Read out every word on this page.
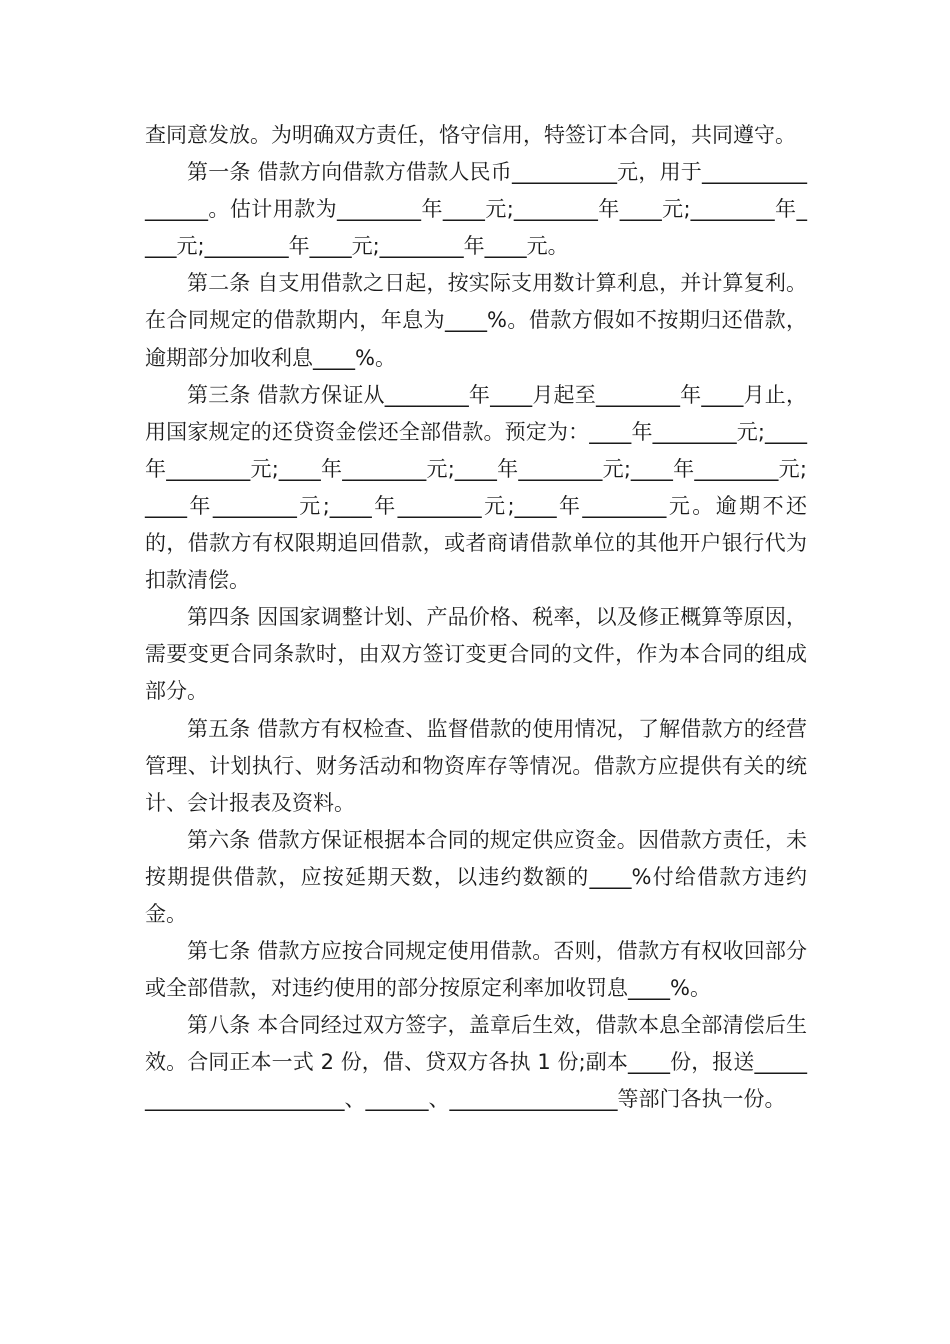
查同意发放。为明确双方责任，恪守信用，特签订本合同，共同遵守。

第一条 借款方向借款方借款人民币__________元，用于________________。估计用款为________年____元;________年____元;________年____元;________年____元;________年____元。

第二条 自支用借款之日起，按实际支用数计算利息，并计算复利。在合同规定的借款期内，年息为____%。借款方假如不按期归还借款，逾期部分加收利息____%。

第三条 借款方保证从________年____月起至________年____月止，用国家规定的还贷资金偿还全部借款。预定为：____年________元;____年________元;____年________元;____年________元;____年________元;____年________元;____年________元;____年________元。逾期不还的，借款方有权限期追回借款，或者商请借款单位的其他开户银行代为扣款清偿。

第四条 因国家调整计划、产品价格、税率，以及修正概算等原因，需要变更合同条款时，由双方签订变更合同的文件，作为本合同的组成部分。

第五条 借款方有权检查、监督借款的使用情况，了解借款方的经营管理、计划执行、财务活动和物资库存等情况。借款方应提供有关的统计、会计报表及资料。

第六条 借款方保证根据本合同的规定供应资金。因借款方责任，未按期提供借款，应按延期天数，以违约数额的____%付给借款方违约金。

第七条 借款方应按合同规定使用借款。否则，借款方有权收回部分或全部借款，对违约使用的部分按原定利率加收罚息____%。

第八条 本合同经过双方签字，盖章后生效，借款本息全部清偿后生效。合同正本一式 2 份，借、贷双方各执 1 份;副本____份，报送________________________、______、________________等部门各执一份。
